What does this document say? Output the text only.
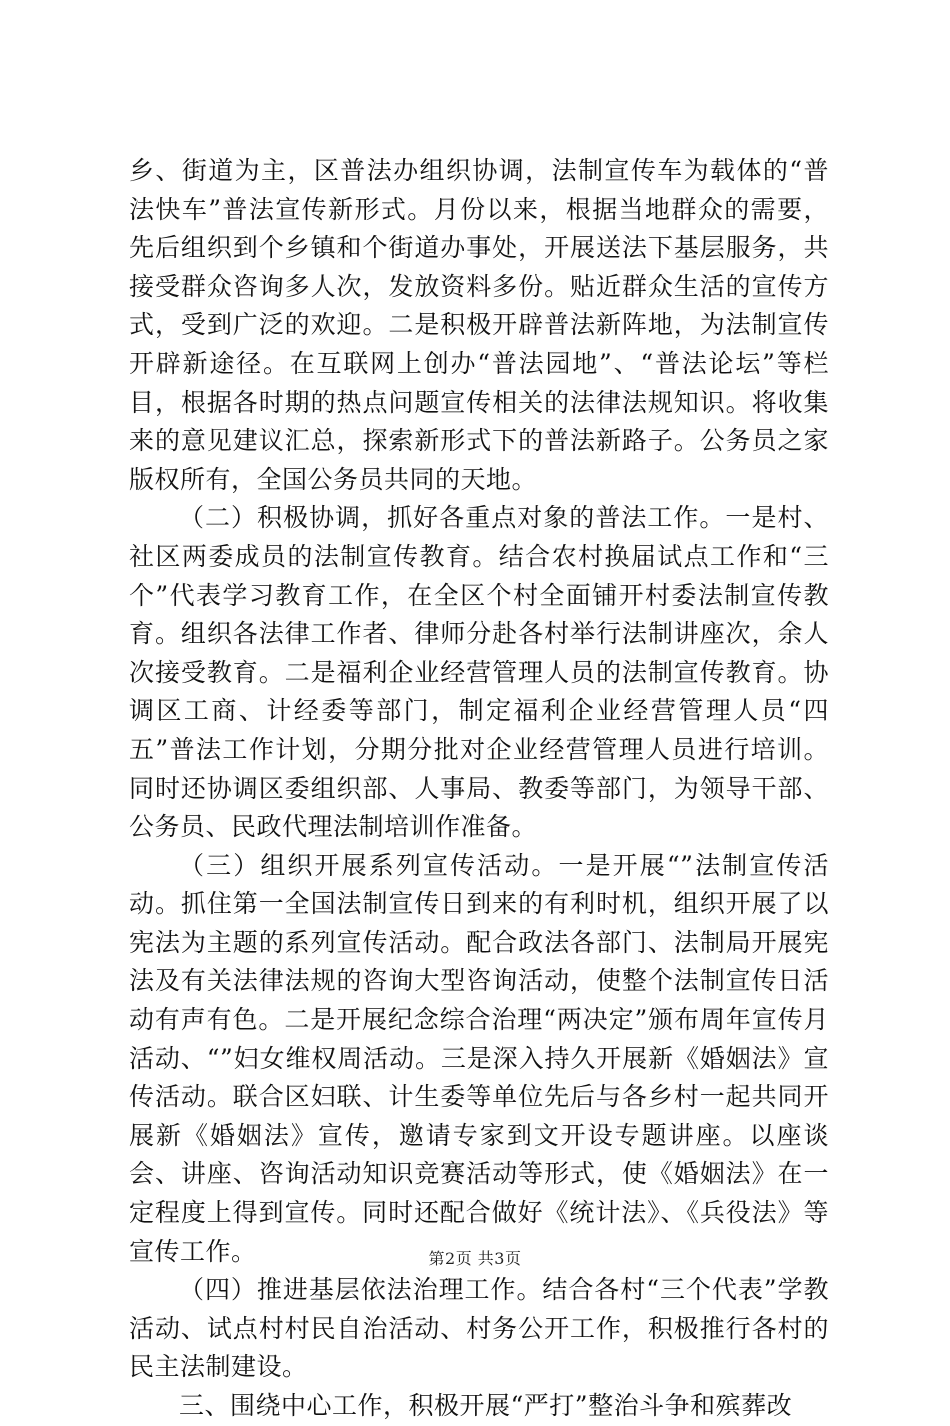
乡、街道为主，区普法办组织协调，法制宣传车为载体的“普法快车”普法宣传新形式。月份以来，根据当地群众的需要，先后组织到个乡镇和个街道办事处，开展送法下基层服务，共接受群众咨询多人次，发放资料多份。贴近群众生活的宣传方式，受到广泛的欢迎。二是积极开辟普法新阵地，为法制宣传开辟新途径。在互联网上创办“普法园地”、“普法论坛”等栏目，根据各时期的热点问题宣传相关的法律法规知识。将收集来的意见建议汇总，探索新形式下的普法新路子。公务员之家版权所有，全国公务员共同的天地。

（二）积极协调，抓好各重点对象的普法工作。一是村、社区两委成员的法制宣传教育。结合农村换届试点工作和“三个”代表学习教育工作，在全区个村全面铺开村委法制宣传教育。组织各法律工作者、律师分赴各村举行法制讲座次，余人次接受教育。二是福利企业经营管理人员的法制宣传教育。协调区工商、计经委等部门，制定福利企业经营管理人员“四五”普法工作计划，分期分批对企业经营管理人员进行培训。同时还协调区委组织部、人事局、教委等部门，为领导干部、公务员、民政代理法制培训作准备。

（三）组织开展系列宣传活动。一是开展“”法制宣传活动。抓住第一全国法制宣传日到来的有利时机，组织开展了以宪法为主题的系列宣传活动。配合政法各部门、法制局开展宪法及有关法律法规的咨询大型咨询活动，使整个法制宣传日活动有声有色。二是开展纪念综合治理“两决定”颁布周年宣传月活动、“”妇女维权周活动。三是深入持久开展新《婚姻法》宣传活动。联合区妇联、计生委等单位先后与各乡村一起共同开展新《婚姻法》宣传，邀请专家到文开设专题讲座。以座谈会、讲座、咨询活动知识竞赛活动等形式，使《婚姻法》在一定程度上得到宣传。同时还配合做好《统计法》、《兵役法》等宣传工作。

（四）推进基层依法治理工作。结合各村“三个代表”学教活动、试点村村民自治活动、村务公开工作，积极推行各村的民主法制建设。

三、围绕中心工作，积极开展“严打”整治斗争和殡葬改

第2页 共3页
